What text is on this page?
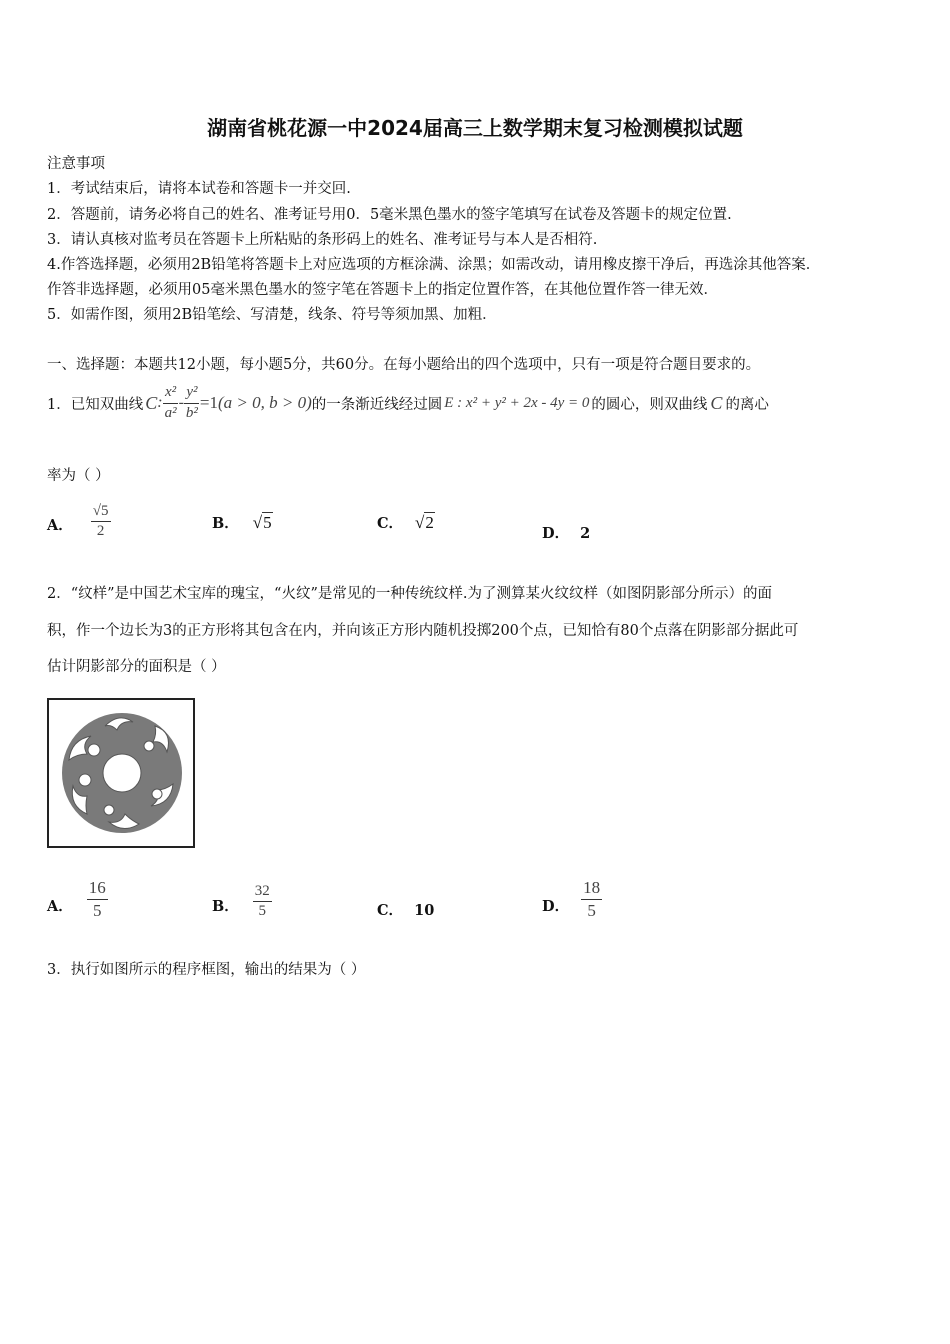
湖南省桃花源一中2024届高三上数学期末复习检测模拟试题
注意事项
1．考试结束后，请将本试卷和答题卡一并交回.
2．答题前，请务必将自己的姓名、准考证号用0．5毫米黑色墨水的签字笔填写在试卷及答题卡的规定位置.
3．请认真核对监考员在答题卡上所粘贴的条形码上的姓名、准考证号与本人是否相符.
4.作答选择题，必须用2B铅笔将答题卡上对应选项的方框涂满、涂黑；如需改动，请用橡皮擦干净后，再选涂其他答案．
作答非选择题，必须用05毫米黑色墨水的签字笔在答题卡上的指定位置作答，在其他位置作答一律无效．
5．如需作图，须用2B铅笔绘、写清楚，线条、符号等须加黑、加粗．
一、选择题：本题共12小题，每小题5分，共60分。在每小题给出的四个选项中，只有一项是符合题目要求的。
1．已知双曲线 C : $\frac{\text{x²}}{\text{a²}} - \frac{\text{y²}}{\text{b²}} =1$ (a > 0, b > 0) 的一条渐近线经过圆 E : x² + y² + 2x - 4y = 0 的圆心，则双曲线 C 的离心
率为（ ）
A． $\frac{√5}{2}$	B． √5	C． √2
D． 2
2．“纹样”是中国艺术宝库的瑰宝，“火纹”是常见的一种传统纹样.为了测算某火纹纹样（如图阴影部分所示）的面
积，作一个边长为3的正方形将其包含在内，并向该正方形内随机投掷200个点，已知恰有80个点落在阴影部分据此可
估计阴影部分的面积是（ ）
A． $\frac{16}{5}$	B． $\frac{32}{5}$	C． 10	D． $\frac{18}{5}$
3．执行如图所示的程序框图，输出的结果为（ ）
